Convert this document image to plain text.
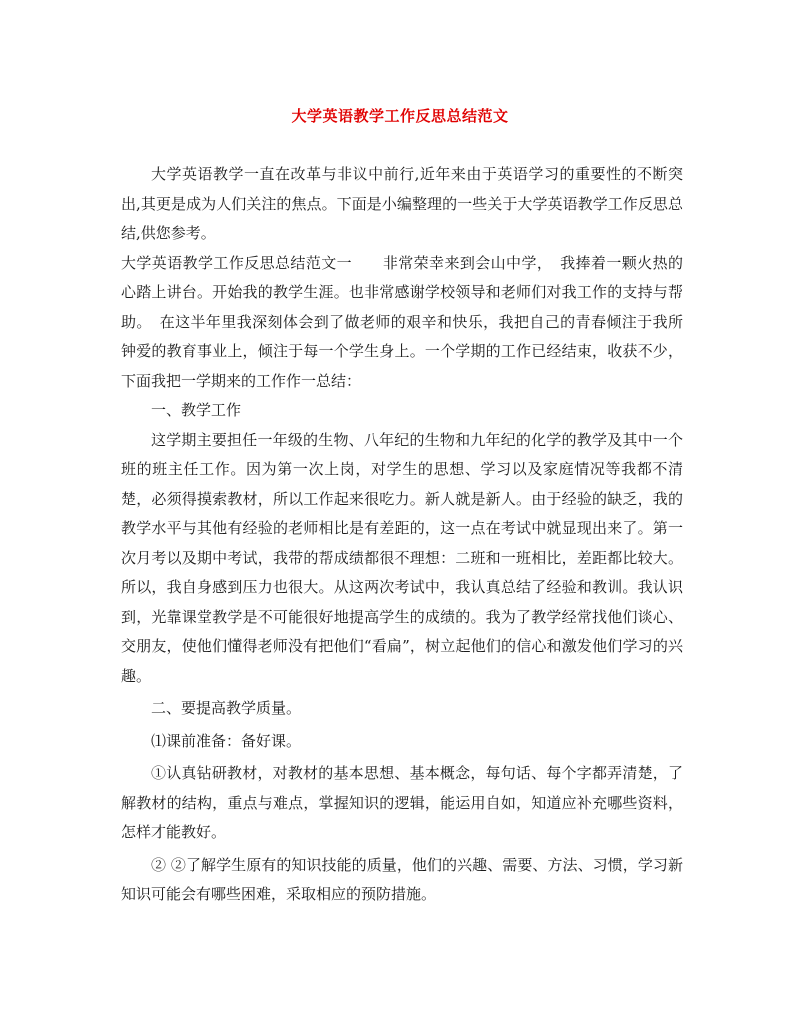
大学英语教学工作反思总结范文

大学英语教学一直在改革与非议中前行,近年来由于英语学习的重要性的不断突出,其更是成为人们关注的焦点。下面是小编整理的一些关于大学英语教学工作反思总结,供您参考。

大学英语教学工作反思总结范文一　　非常荣幸来到会山中学，　我捧着一颗火热的心踏上讲台。开始我的教学生涯。也非常感谢学校领导和老师们对我工作的支持与帮助。　在这半年里我深刻体会到了做老师的艰辛和快乐，我把自己的青春倾注于我所钟爱的教育事业上，倾注于每一个学生身上。一个学期的工作已经结束，收获不少，下面我把一学期来的工作作一总结：

一、教学工作

这学期主要担任一年级的生物、八年纪的生物和九年纪的化学的教学及其中一个班的班主任工作。因为第一次上岗，对学生的思想、学习以及家庭情况等我都不清楚，必须得摸索教材，所以工作起来很吃力。新人就是新人。由于经验的缺乏，我的教学水平与其他有经验的老师相比是有差距的，这一点在考试中就显现出来了。第一次月考以及期中考试，我带的帮成绩都很不理想：二班和一班相比，差距都比较大。所以，我自身感到压力也很大。从这两次考试中，我认真总结了经验和教训。我认识到，光靠课堂教学是不可能很好地提高学生的成绩的。我为了教学经常找他们谈心、交朋友，使他们懂得老师没有把他们“看扁”，树立起他们的信心和激发他们学习的兴趣。

二、要提高教学质量。

⑴课前准备：备好课。

①认真钻研教材，对教材的基本思想、基本概念，每句话、每个字都弄清楚，了解教材的结构，重点与难点，掌握知识的逻辑，能运用自如，知道应补充哪些资料，怎样才能教好。

② ②了解学生原有的知识技能的质量，他们的兴趣、需要、方法、习惯，学习新知识可能会有哪些困难，采取相应的预防措施。
